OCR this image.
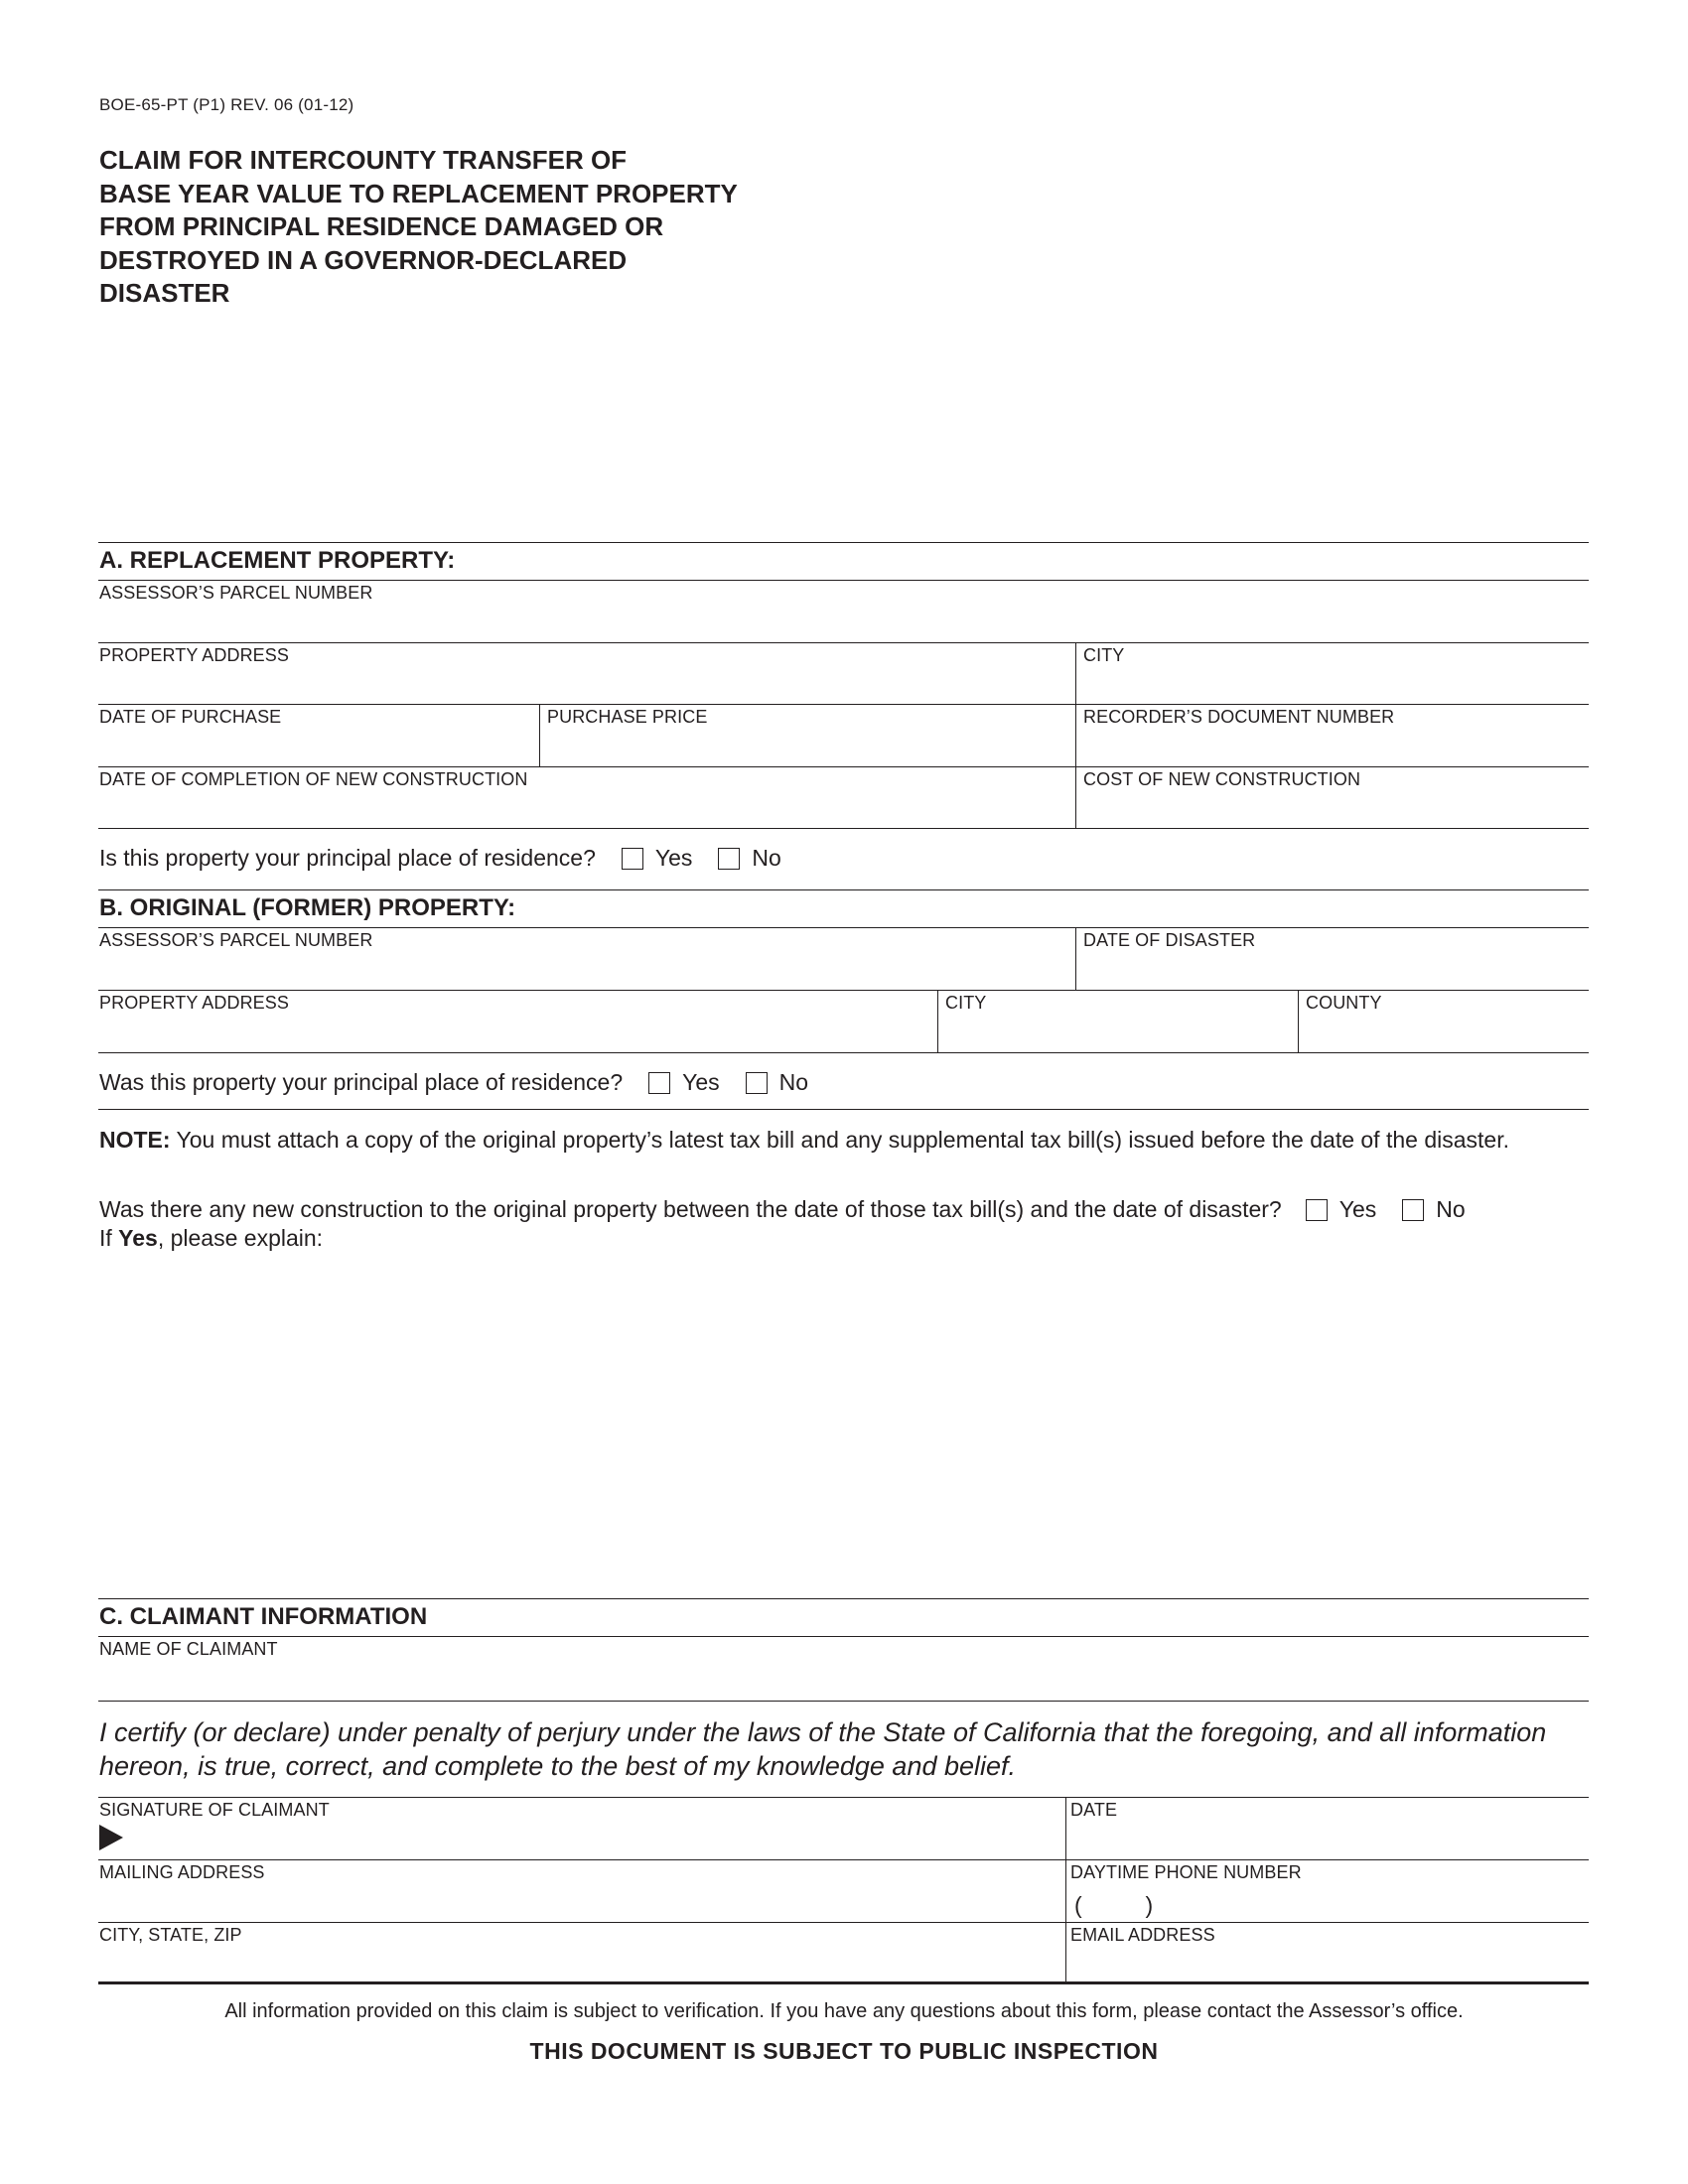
BOE-65-PT (P1) REV. 06 (01-12)
CLAIM FOR INTERCOUNTY TRANSFER OF
BASE YEAR VALUE TO REPLACEMENT PROPERTY
FROM PRINCIPAL RESIDENCE DAMAGED OR
DESTROYED IN A GOVERNOR-DECLARED
DISASTER
A. REPLACEMENT PROPERTY:
ASSESSOR’S PARCEL NUMBER
PROPERTY ADDRESS	CITY
DATE OF PURCHASE	PURCHASE PRICE	RECORDER’S DOCUMENT NUMBER
DATE OF COMPLETION OF NEW CONSTRUCTION	COST OF NEW CONSTRUCTION
Is this property your principal place of residence?	Yes	No
B. ORIGINAL (FORMER) PROPERTY:
ASSESSOR’S PARCEL NUMBER	DATE OF DISASTER
PROPERTY ADDRESS	CITY	COUNTY
Was this property your principal place of residence?	Yes	No
NOTE: You must attach a copy of the original property’s latest tax bill and any supplemental tax bill(s) issued before the date of the disaster.
Was there any new construction to the original property between the date of those tax bill(s) and the date of disaster?	Yes	No
If Yes, please explain:
C. CLAIMANT INFORMATION
NAME OF CLAIMANT
I certify (or declare) under penalty of perjury under the laws of the State of California that the foregoing, and all information hereon, is true, correct, and complete to the best of my knowledge and belief.
SIGNATURE OF CLAIMANT	DATE
MAILING ADDRESS	DAYTIME PHONE NUMBER
(          )
CITY, STATE, ZIP	EMAIL ADDRESS
All information provided on this claim is subject to verification. If you have any questions about this form, please contact the Assessor’s office.
THIS DOCUMENT IS SUBJECT TO PUBLIC INSPECTION
